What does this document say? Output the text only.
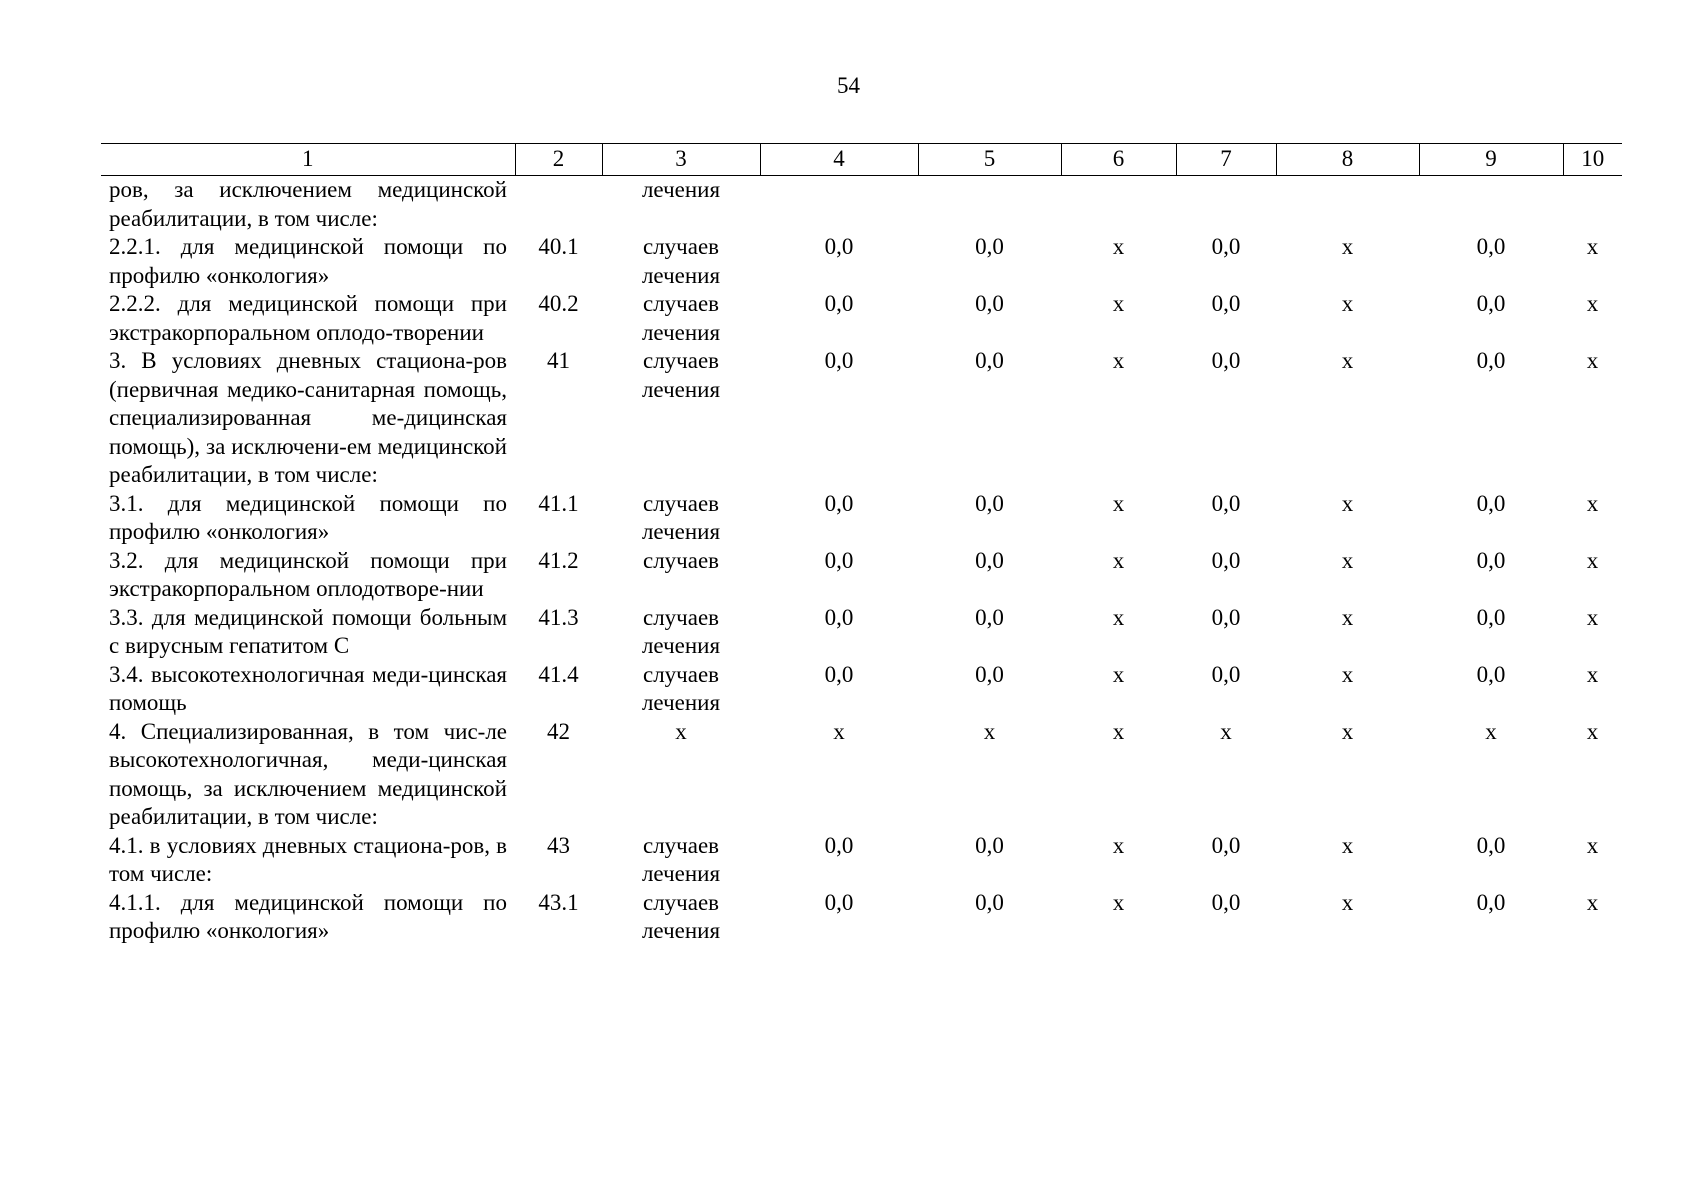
54
1	2	3	4	5	6	7	8	9	10
ров, за исключением медицинской реабилитации, в том числе:		лечения							
2.2.1. для медицинской помощи по профилю «онкология»	40.1	случаев лечения	0,0	0,0	х	0,0	х	0,0	х
2.2.2. для медицинской помощи при экстракорпоральном оплодо-творении	40.2	случаев лечения	0,0	0,0	х	0,0	х	0,0	х
3. В условиях дневных стациона-ров (первичная медико-санитарная помощь, специализированная ме-дицинская помощь), за исключени-ем медицинской реабилитации, в том числе:	41	случаев лечения	0,0	0,0	х	0,0	х	0,0	х
3.1. для медицинской помощи по профилю «онкология»	41.1	случаев лечения	0,0	0,0	х	0,0	х	0,0	х
3.2. для медицинской помощи при экстракорпоральном оплодотворе-нии	41.2	случаев	0,0	0,0	х	0,0	х	0,0	х
3.3. для медицинской помощи больным с вирусным гепатитом С	41.3	случаев лечения	0,0	0,0	х	0,0	х	0,0	х
3.4. высокотехнологичная меди-цинская помощь	41.4	случаев лечения	0,0	0,0	х	0,0	х	0,0	х
4. Специализированная, в том чис-ле высокотехнологичная, меди-цинская помощь, за исключением медицинской реабилитации, в том числе:	42	х	х	х	х	х	х	х	х
4.1. в условиях дневных стациона-ров, в том числе:	43	случаев лечения	0,0	0,0	х	0,0	х	0,0	х
4.1.1. для медицинской помощи по профилю «онкология»	43.1	случаев лечения	0,0	0,0	х	0,0	х	0,0	х
